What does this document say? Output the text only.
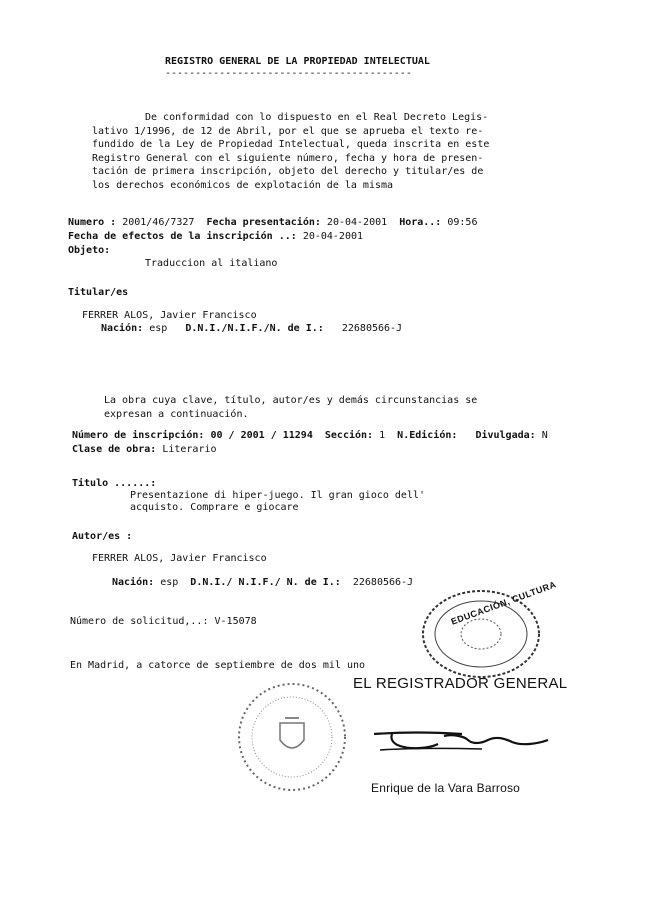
REGISTRO GENERAL DE LA PROPIEDAD INTELECTUAL
-----------------------------------------
De conformidad con lo dispuesto en el Real Decreto Legis-
lativo 1/1996, de 12 de Abril, por el que se aprueba el texto re-
fundido de la Ley de Propiedad Intelectual, queda inscrita en este
Registro General con el siguiente número, fecha y hora de presen-
tación de primera inscripción, objeto del derecho y titular/es de
los derechos económicos de explotación de la misma
Numero : 2001/46/7327 Fecha presentación: 20-04-2001 Hora..: 09:56
Fecha de efectos de la inscripción ..: 20-04-2001
Objeto:
Traduccion al italiano
Titular/es
FERRER ALOS, Javier Francisco
Nación: esp D.N.I./N.I.F./N. de I.: 22680566-J
La obra cuya clave, título, autor/es y demás circunstancias se
expresan a continuación.
Número de inscripción: 00 / 2001 / 11294 Sección: 1 N.Edición: Divulgada: N
Clase de obra: Literario
Titulo ......:
Presentazione di hiper-juego. Il gran gioco dell'
acquisto. Comprare e giocare
Autor/es :
FERRER ALOS, Javier Francisco
Nación: esp D.N.I./ N.I.F./ N. de I.: 22680566-J
Número de solicitud,..: V-15078
En Madrid, a catorce de septiembre de dos mil uno
EDUCACIÓN, CULTURA
EL REGISTRADOR GENERAL
Enrique de la Vara Barroso
